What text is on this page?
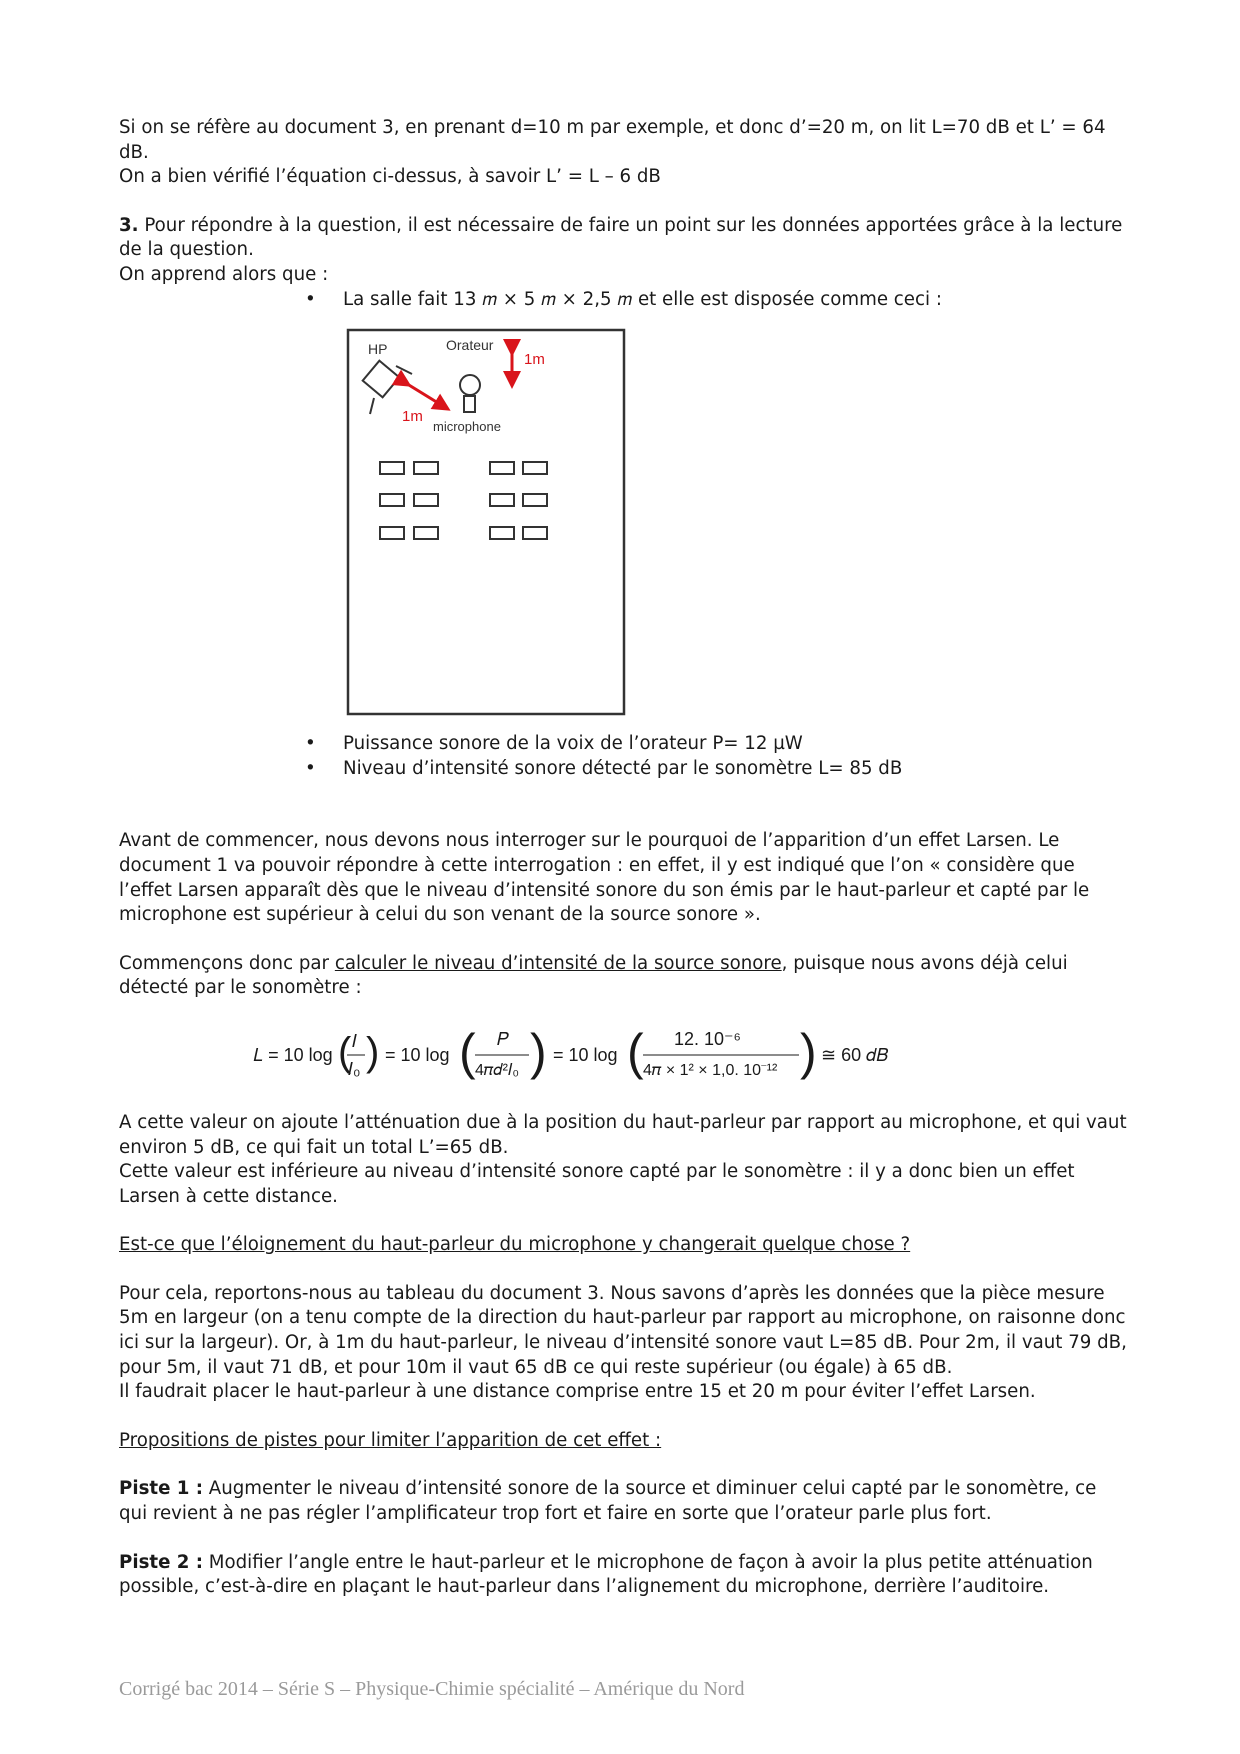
Si on se réfère au document 3, en prenant d=10 m par exemple, et donc d’=20 m, on lit L=70 dB et L’ = 64 dB.

On a bien vérifié l’équation ci-dessus, à savoir L’ = L – 6 dB

3. Pour répondre à la question, il est nécessaire de faire un point sur les données apportées grâce à la lecture de la question.

On apprend alors que :

• La salle fait 13 𝑚 × 5 𝑚 × 2,5 𝑚 et elle est disposée comme ceci :
HP	Orateur
microphone
1m
1m
• Puissance sonore de la voix de l’orateur P= 12 µW
• Niveau d’intensité sonore détecté par le sonomètre L= 85 dB

Avant de commencer, nous devons nous interroger sur le pourquoi de l’apparition d’un effet Larsen. Le document 1 va pouvoir répondre à cette interrogation : en effet, il y est indiqué que l’on « considère que l’effet Larsen apparaît dès que le niveau d’intensité sonore du son émis par le haut-parleur et capté par le microphone est supérieur à celui du son venant de la source sonore ».

Commençons donc par calculer le niveau d’intensité de la source sonore, puisque nous avons déjà celui détecté par le sonomètre :

𝐿 = 10 log ( 𝐼
𝐼₀ ) = 10 log ( 𝑃
4𝜋𝑑²𝐼₀ ) = 10 log ( 12. 10⁻⁶
4𝜋 × 1² × 1,0. 10⁻¹² ) ≅ 60 𝑑𝐵

A cette valeur on ajoute l’atténuation due à la position du haut-parleur par rapport au microphone, et qui vaut environ 5 dB, ce qui fait un total L’=65 dB.

Cette valeur est inférieure au niveau d’intensité sonore capté par le sonomètre : il y a donc bien un effet Larsen à cette distance.

Est-ce que l’éloignement du haut-parleur du microphone y changerait quelque chose ?

Pour cela, reportons-nous au tableau du document 3. Nous savons d’après les données que la pièce mesure 5m en largeur (on a tenu compte de la direction du haut-parleur par rapport au microphone, on raisonne donc ici sur la largeur). Or, à 1m du haut-parleur, le niveau d’intensité sonore vaut L=85 dB. Pour 2m, il vaut 79 dB, pour 5m, il vaut 71 dB, et pour 10m il vaut 65 dB ce qui reste supérieur (ou égale) à 65 dB.

Il faudrait placer le haut-parleur à une distance comprise entre 15 et 20 m pour éviter l’effet Larsen.

Propositions de pistes pour limiter l’apparition de cet effet :

Piste 1 : Augmenter le niveau d’intensité sonore de la source et diminuer celui capté par le sonomètre, ce qui revient à ne pas régler l’amplificateur trop fort et faire en sorte que l’orateur parle plus fort.

Piste 2 : Modifier l’angle entre le haut-parleur et le microphone de façon à avoir la plus petite atténuation possible, c’est-à-dire en plaçant le haut-parleur dans l’alignement du microphone, derrière l’auditoire.

Corrigé bac 2014 – Série S – Physique-Chimie spécialité – Amérique du Nord
